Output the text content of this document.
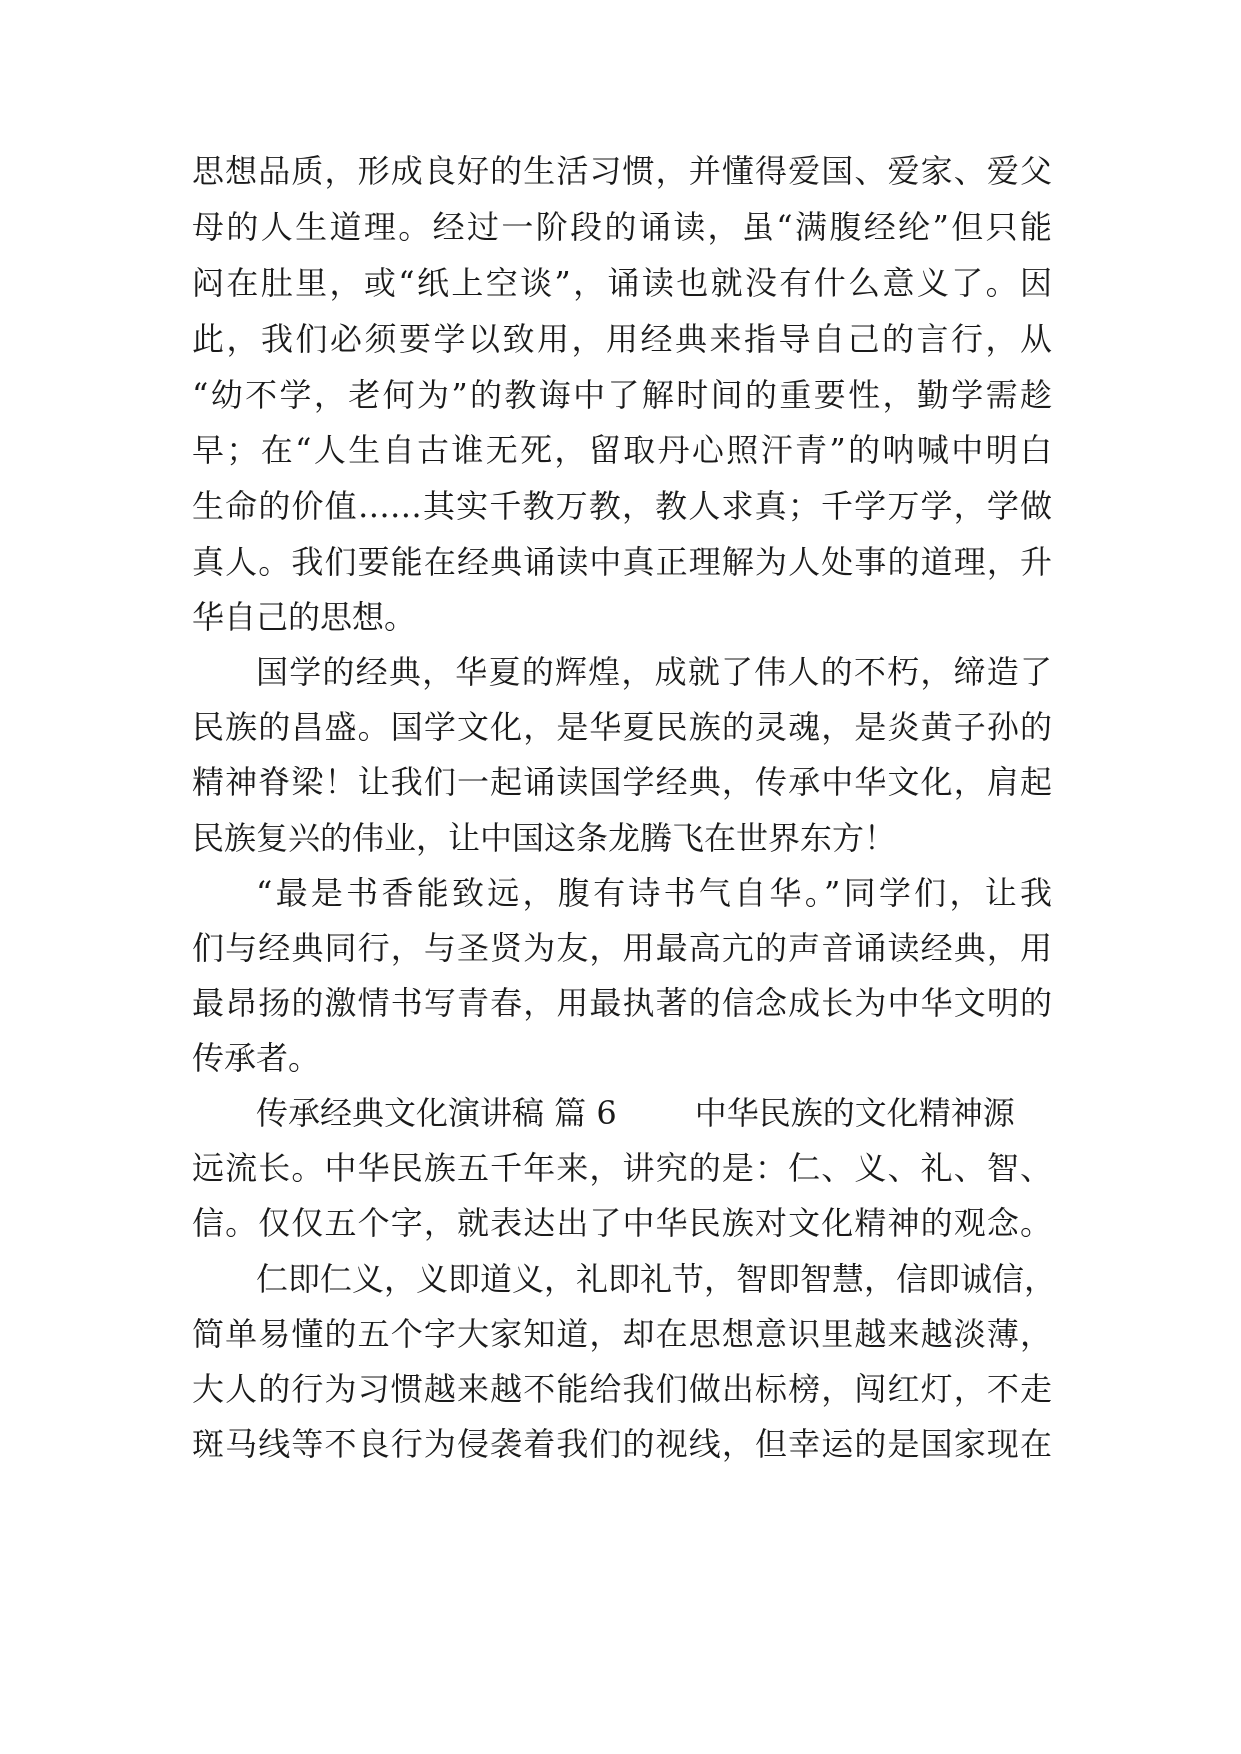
思想品质，形成良好的生活习惯，并懂得爱国、爱家、爱父
母的人生道理。经过一阶段的诵读，虽“满腹经纶”但只能
闷在肚里，或“纸上空谈”，诵读也就没有什么意义了。因
此，我们必须要学以致用，用经典来指导自己的言行，从
“幼不学，老何为”的教诲中了解时间的重要性，勤学需趁
早；在“人生自古谁无死，留取丹心照汗青”的呐喊中明白
生命的价值……其实千教万教，教人求真；千学万学，学做
真人。我们要能在经典诵读中真正理解为人处事的道理，升
华自己的思想。
国学的经典，华夏的辉煌，成就了伟人的不朽，缔造了
民族的昌盛。国学文化，是华夏民族的灵魂，是炎黄子孙的
精神脊梁！让我们一起诵读国学经典，传承中华文化，肩起
民族复兴的伟业，让中国这条龙腾飞在世界东方！
“最是书香能致远，腹有诗书气自华。”同学们，让我
们与经典同行，与圣贤为友，用最高亢的声音诵读经典，用
最昂扬的激情书写青春，用最执著的信念成长为中华文明的
传承者。
传承经典文化演讲稿 篇 6 中华民族的文化精神源
远流长。中华民族五千年来，讲究的是：仁、义、礼、智、
信。仅仅五个字，就表达出了中华民族对文化精神的观念。
仁即仁义，义即道义，礼即礼节，智即智慧，信即诚信，
简单易懂的五个字大家知道，却在思想意识里越来越淡薄，
大人的行为习惯越来越不能给我们做出标榜，闯红灯，不走
斑马线等不良行为侵袭着我们的视线，但幸运的是国家现在
